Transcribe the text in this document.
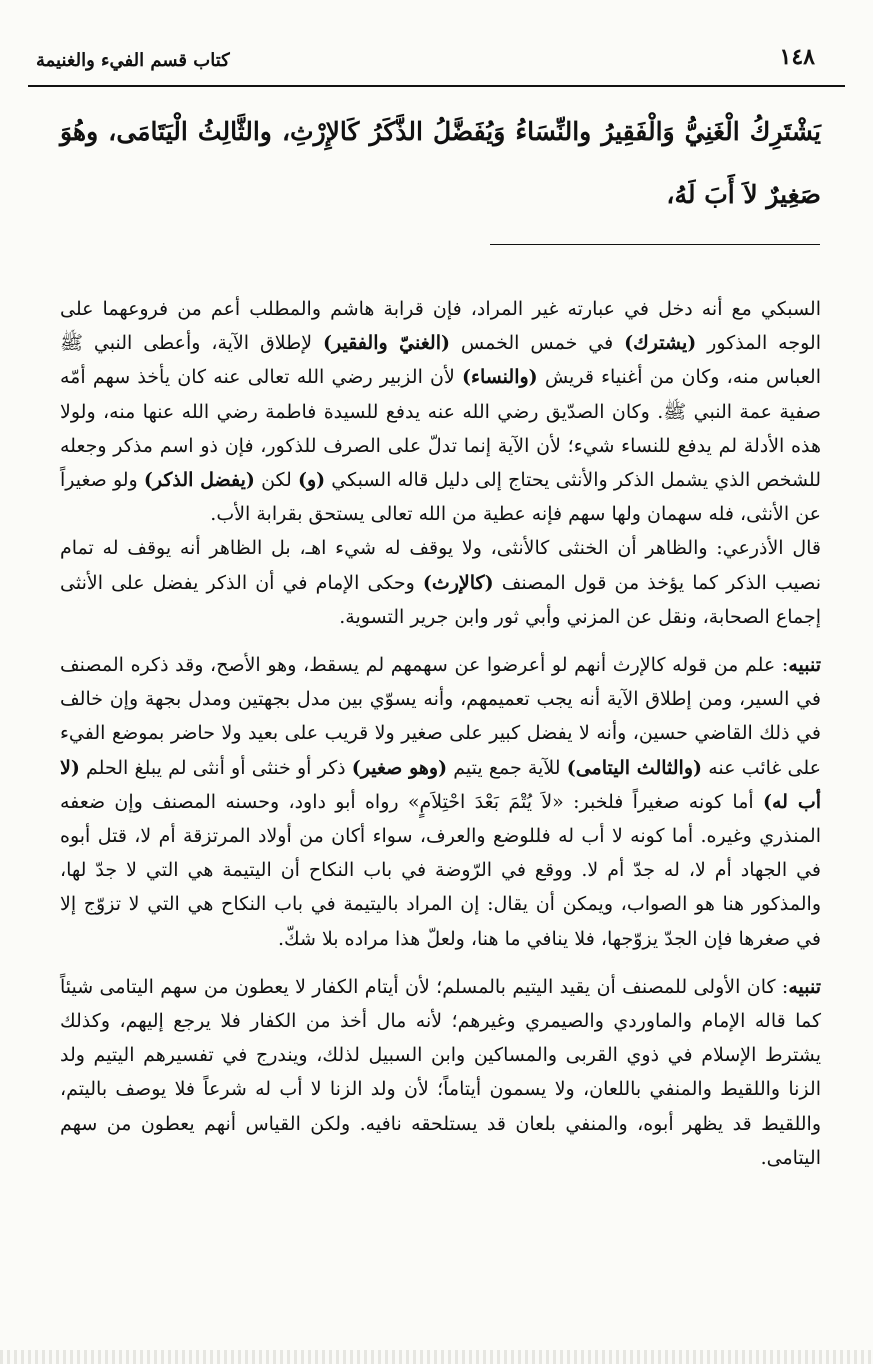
١٤٨
كتاب قسم الفيء والغنيمة
يَشْتَرِكُ الْغَنِيُّ وَالْفَقِيرُ والنِّسَاءُ وَيُفَضَّلُ الذَّكَرُ كَالإِرْثِ، والثَّالِثُ الْيَتَامَى، وهُوَ صَغِيرٌ لاَ أَبَ لَهُ،

السبكي مع أنه دخل في عبارته غير المراد، فإن قرابة هاشم والمطلب أعم من فروعهما على الوجه المذكور (يشترك) في خمس الخمس (الغنيّ والفقير) لإطلاق الآية، وأعطى النبي ﷺ العباس منه، وكان من أغنياء قريش (والنساء) لأن الزبير رضي الله تعالى عنه كان يأخذ سهم أمّه صفية عمة النبي ﷺ. وكان الصدّيق رضي الله عنه يدفع للسيدة فاطمة رضي الله عنها منه، ولولا هذه الأدلة لم يدفع للنساء شيء؛ لأن الآية إنما تدلّ على الصرف للذكور، فإن ذو اسم مذكر وجعله للشخص الذي يشمل الذكر والأنثى يحتاج إلى دليل قاله السبكي (و) لكن (يفضل الذكر) ولو صغيراً عن الأنثى، فله سهمان ولها سهم فإنه عطية من الله تعالى يستحق بقرابة الأب.

قال الأذرعي: والظاهر أن الخنثى كالأنثى، ولا يوقف له شيء اهـ، بل الظاهر أنه يوقف له تمام نصيب الذكر كما يؤخذ من قول المصنف (كالإرث) وحكى الإمام في أن الذكر يفضل على الأنثى إجماع الصحابة، ونقل عن المزني وأبي ثور وابن جرير التسوية.

تنبيه: علم من قوله كالإرث أنهم لو أعرضوا عن سهمهم لم يسقط، وهو الأصح، وقد ذكره المصنف في السير، ومن إطلاق الآية أنه يجب تعميمهم، وأنه يسوّي بين مدل بجهتين ومدل بجهة وإن خالف في ذلك القاضي حسين، وأنه لا يفضل كبير على صغير ولا قريب على بعيد ولا حاضر بموضع الفيء على غائب عنه (والثالث اليتامى) للآية جمع يتيم (وهو صغير) ذكر أو خنثى أو أنثى لم يبلغ الحلم (لا أب له) أما كونه صغيراً فلخبر: «لاَ يُتْمَ بَعْدَ احْتِلاَمٍ» رواه أبو داود، وحسنه المصنف وإن ضعفه المنذري وغيره. أما كونه لا أب له فللوضع والعرف، سواء أكان من أولاد المرتزقة أم لا، قتل أبوه في الجهاد أم لا، له جدّ أم لا. ووقع في الرّوضة في باب النكاح أن اليتيمة هي التي لا جدّ لها، والمذكور هنا هو الصواب، ويمكن أن يقال: إن المراد باليتيمة في باب النكاح هي التي لا تزوّج إلا في صغرها فإن الجدّ يزوّجها، فلا ينافي ما هنا، ولعلّ هذا مراده بلا شكّ.

تنبيه: كان الأولى للمصنف أن يقيد اليتيم بالمسلم؛ لأن أيتام الكفار لا يعطون من سهم اليتامى شيئاً كما قاله الإمام والماوردي والصيمري وغيرهم؛ لأنه مال أخذ من الكفار فلا يرجع إليهم، وكذلك يشترط الإسلام في ذوي القربى والمساكين وابن السبيل لذلك، ويندرج في تفسيرهم اليتيم ولد الزنا واللقيط والمنفي باللعان، ولا يسمون أيتاماً؛ لأن ولد الزنا لا أب له شرعاً فلا يوصف باليتم، واللقيط قد يظهر أبوه، والمنفي بلعان قد يستلحقه نافيه. ولكن القياس أنهم يعطون من سهم اليتامى.
